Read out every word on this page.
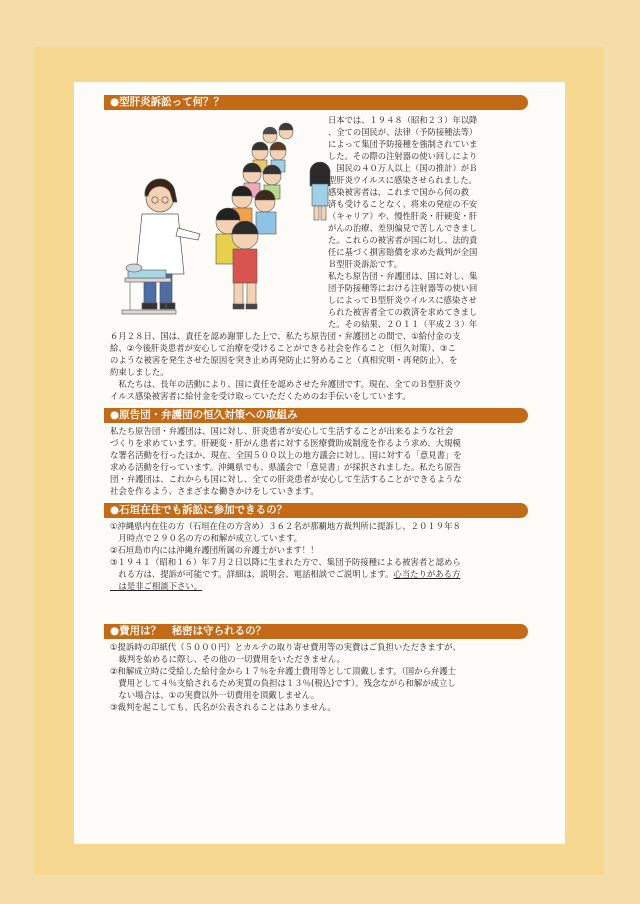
●型肝炎訴訟って何？？
日本では、１９４８（昭和２３）年以降
、全ての国民が、法律（予防接種法等）
によって集団予防接種を強制されていま
した。その際の注射器の使い回しにより
、国民の４０万人以上（国の推計）がＢ
型肝炎ウイルスに感染させられました。
感染被害者は、これまで国から何の救
済も受けることなく、将来の発症の不安
（キャリア）や、慢性肝炎・肝硬変・肝
がんの治療、差別偏見で苦しんできまし
た。これらの被害者が国に対し、法的責
任に基づく損害賠償を求めた裁判が全国
Ｂ型肝炎訴訟です。
私たち原告団・弁護団は、国に対し、集
団予防接種等における注射器等の使い回
しによってＢ型肝炎ウイルスに感染させ
られた被害者全ての救済を求めてきまし
た。その結果、２０１１（平成２３）年
６月２８日、国は、責任を認め謝罪した上で、私たち原告団・弁護団との間で、①給付金の支
給、②今後肝炎患者が安心して治療を受けることができる社会を作ること（恒久対策）、③こ
のような被害を発生させた原因を突き止め再発防止に努めること（真相究明・再発防止）、を
約束しました。
　私たちは、長年の活動により、国に責任を認めさせた弁護団です。現在、全てのＢ型肝炎ウ
イルス感染被害者に給付金を受け取っていただくためのお手伝いをしています。
●原告団・弁護団の恒久対策への取組み
私たち原告団・弁護団は、国に対し、肝炎患者が安心して生活することが出来るような社会
づくりを求めています。肝硬変・肝がん患者に対する医療費助成制度を作るよう求め、大規模
な署名活動を行ったほか、現在、全国５００以上の地方議会に対し、国に対する「意見書」を
求める活動を行っています。沖縄県でも、県議会で「意見書」が採択されました。私たち原告
団・弁護団は、これからも国に対し、全ての肝炎患者が安心して生活することができるような
社会を作るよう、さまざまな働きかけをしていきます。
●石垣在住でも訴訟に参加できるの？
①沖縄県内在住の方（石垣在住の方含め）３６２名が那覇地方裁判所に提訴し、２０１９年８
　月時点で２９０名の方の和解が成立しています。
②石垣島市内には沖縄弁護団所属の弁護士がいます！！
③１９４１（昭和１６）年７月２日以降に生まれた方で、集団予防接種による被害者と認めら
　れる方は、提訴が可能です。詳細は、説明会、電話相談でご説明します。心当たりがある方
　は是非ご相談下さい。
●費用は？　秘密は守られるの？
①提訴時の印紙代（５０００円）とカルテの取り寄せ費用等の実費はご負担いただきますが、
　裁判を始めるに際し、その他の一切費用をいただきません。
②和解成立時に受給した給付金から１７％を弁護士費用等として頂戴します。（国から弁護士
　費用として４％支給されるため実質の負担は１３％(税込)です）。残念ながら和解が成立し
　ない場合は、①の実費以外一切費用を頂戴しません。
③裁判を起こしても、氏名が公表されることはありません。
